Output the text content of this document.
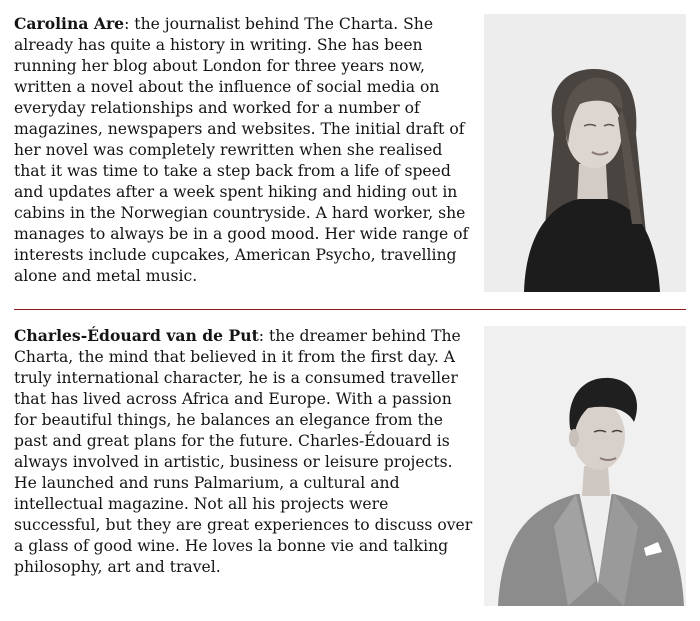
Carolina Are: the journalist behind The Charta. She already has quite a history in writing. She has been running her blog about London for three years now, written a novel about the influence of social media on everyday relationships and worked for a number of magazines, newspapers and websites. The initial draft of her novel was completely rewritten when she realised that it was time to take a step back from a life of speed and updates after a week spent hiking and hiding out in cabins in the Norwegian countryside. A hard worker, she manages to always be in a good mood. Her wide range of interests include cupcakes, American Psycho, travelling alone and metal music.

Charles-Édouard van de Put: the dreamer behind The Charta, the mind that believed in it from the first day. A truly international character, he is a consumed traveller that has lived across Africa and Europe. With a passion for beautiful things, he balances an elegance from the past and great plans for the future. Charles-Édouard is always involved in artistic, business or leisure projects. He launched and runs Palmarium, a cultural and intellectual magazine. Not all his projects were successful, but they are great experiences to discuss over a glass of good wine. He loves la bonne vie and talking philosophy, art and travel.
